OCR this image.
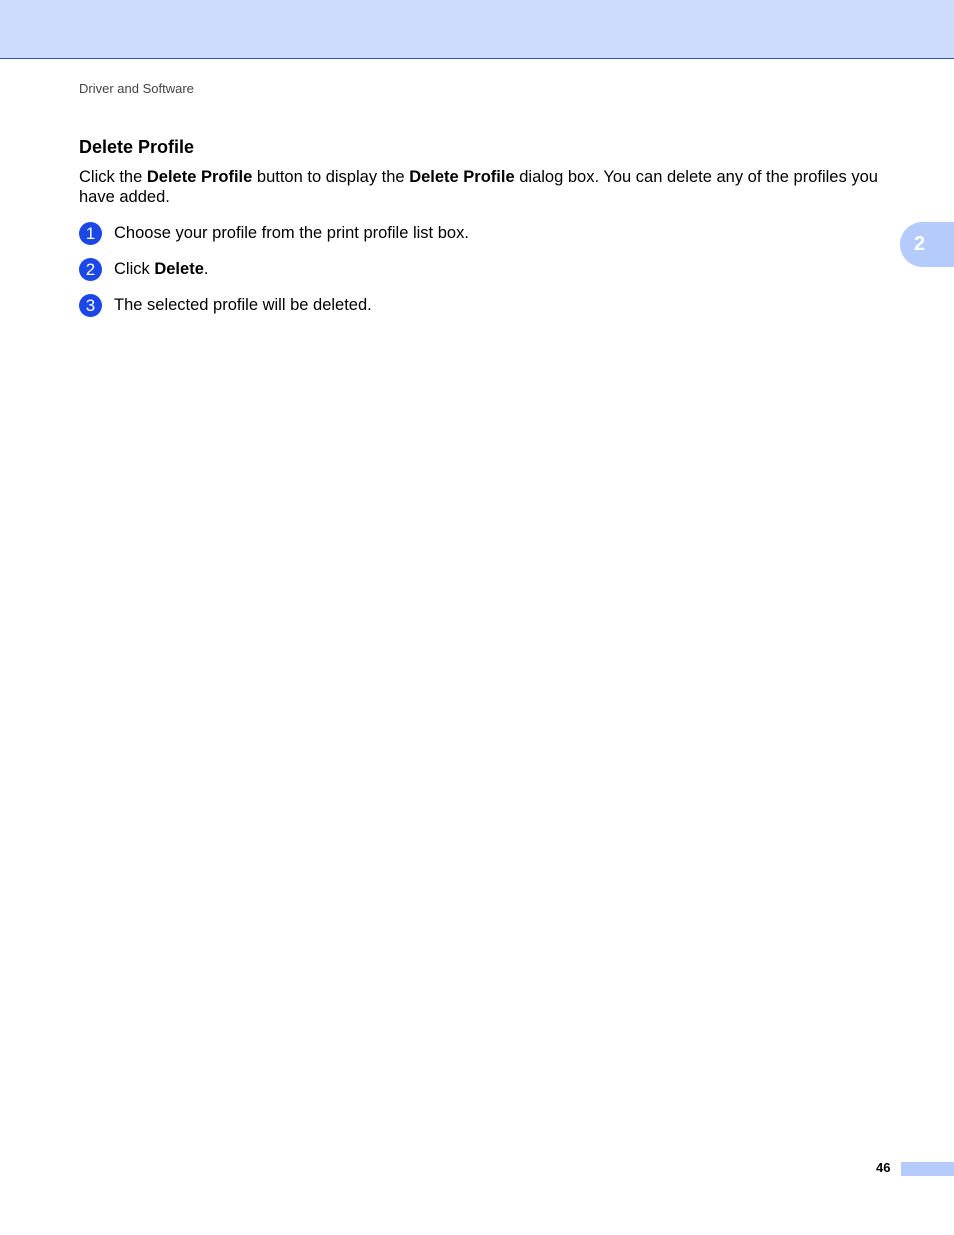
Driver and Software
2
Delete Profile

Click the Delete Profile button to display the Delete Profile dialog box. You can delete any of the profiles you have added.

1	Choose your profile from the print profile list box.
2	Click Delete.
3	The selected profile will be deleted.
46
